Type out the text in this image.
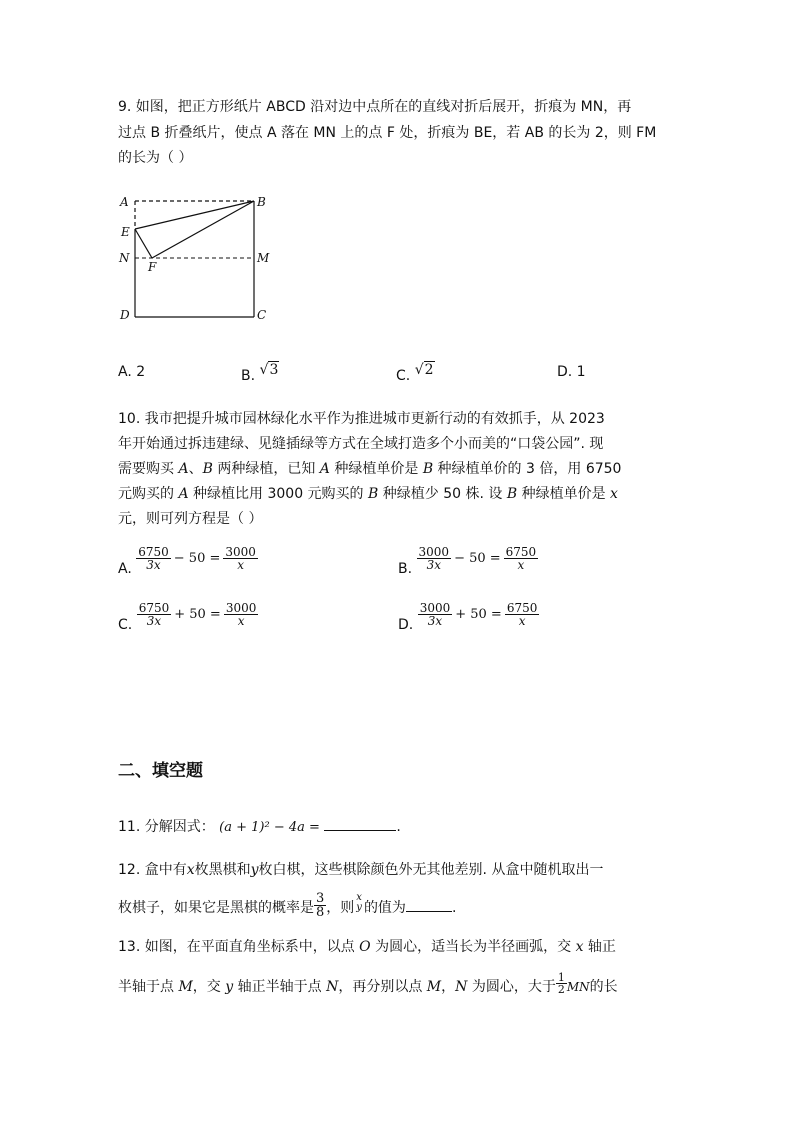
9. 如图，把正方形纸片 ABCD 沿对边中点所在的直线对折后展开，折痕为 MN，再

过点 B 折叠纸片，使点 A 落在 MN 上的点 F 处，折痕为 BE，若 AB 的长为 2，则 FM

的长为（ ）

A	B
E
N
F
M
D	C
A. 2	B. √3	C. √2	D. 1

10. 我市把提升城市园林绿化水平作为推进城市更新行动的有效抓手，从 2023

年开始通过拆违建绿、见缝插绿等方式在全域打造多个小而美的“口袋公园”. 现

需要购买 A、B 两种绿植，已知 A 种绿植单价是 B 种绿植单价的 3 倍，用 6750

元购买的 A 种绿植比用 3000 元购买的 B 种绿植少 50 株. 设 B 种绿植单价是 x

元，则可列方程是（ ）

A. $\frac{6750}{3x} - 50 = \frac{3000}{x}$	B. $\frac{3000}{3x} - 50 = \frac{6750}{x}$
C. $\frac{6750}{3x} + 50 = \frac{3000}{x}$	D. $\frac{3000}{3x} + 50 = \frac{6750}{x}$
二、填空题

11. 分解因式： (a + 1)² − 4a =	.

12. 盒中有x枚黑棋和y枚白棋，这些棋除颜色外无其他差别. 从盒中随机取出一

枚棋子，如果它是黑棋的概率是 $\frac{3}{8}$ ，则
x
y 的值为	.

13. 如图，在平面直角坐标系中，以点 O 为圆心，适当长为半径画弧，交 x 轴正

半轴于点 M，交 y 轴正半轴于点 N，再分别以点 M，N 为圆心，大于 $\frac{1}{2}$ MN的长
